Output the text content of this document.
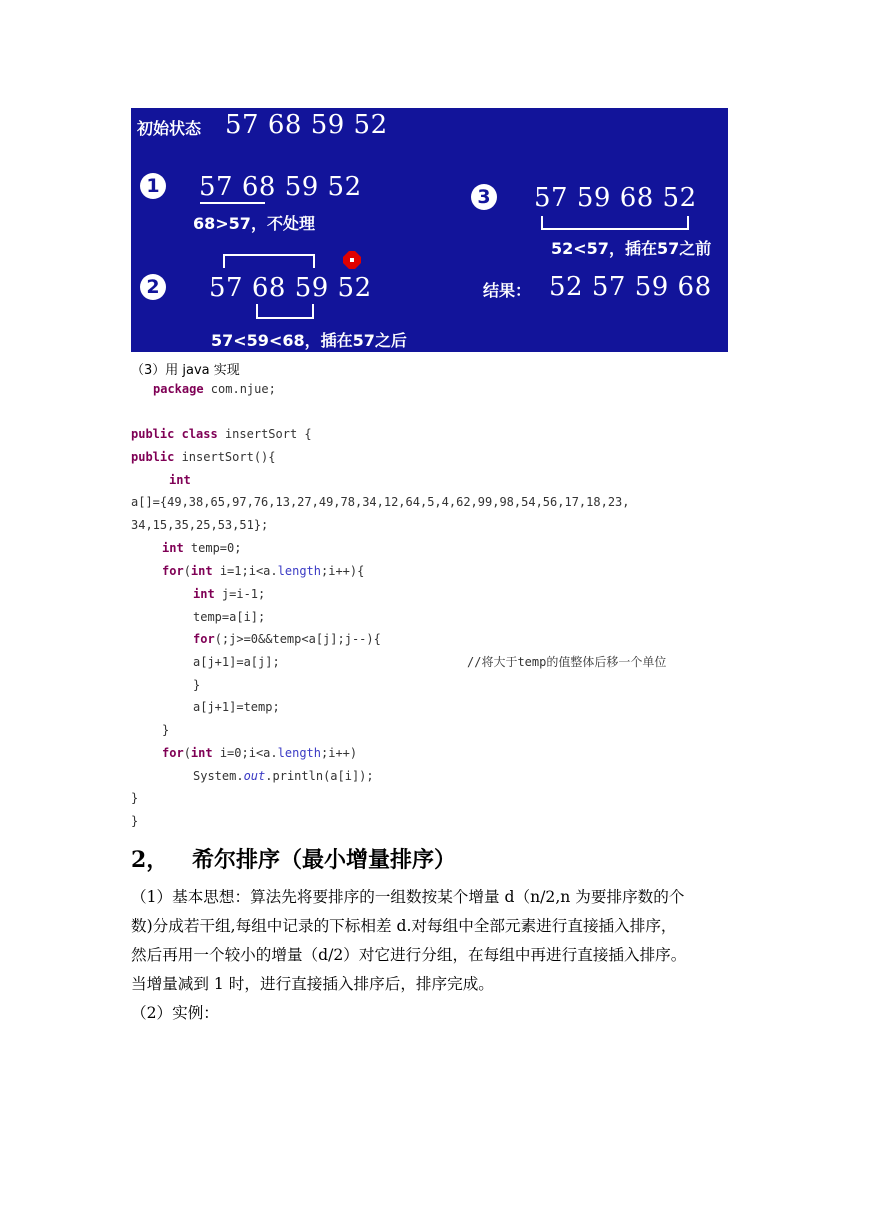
初始状态 57 68 59 52
1 57 68 59 52
68>57，不处理
2 57 68 59 52
57<59<68，插在57之后
3 57 59 68 52
52<57，插在57之前
结果： 52 57 59 68
（3）用 java 实现
package com.njue;
public class insertSort {
public insertSort(){
int
a[]={49,38,65,97,76,13,27,49,78,34,12,64,5,4,62,99,98,54,56,17,18,23,
34,15,35,25,53,51};
int temp=0;
for(int i=1;i<a.length;i++){
int j=i-1;
temp=a[i];
for(;j>=0&&temp<a[j];j--){
a[j+1]=a[j];	//将大于temp的值整体后移一个单位
}
a[j+1]=temp;
}
for(int i=0;i<a.length;i++)
System.out.println(a[i]);
}
}
2， 希尔排序（最小增量排序）
（1）基本思想：算法先将要排序的一组数按某个增量 d（n/2,n 为要排序数的个
数)分成若干组,每组中记录的下标相差 d.对每组中全部元素进行直接插入排序，
然后再用一个较小的增量（d/2）对它进行分组，在每组中再进行直接插入排序。
当增量减到 1 时，进行直接插入排序后，排序完成。
（2）实例：
